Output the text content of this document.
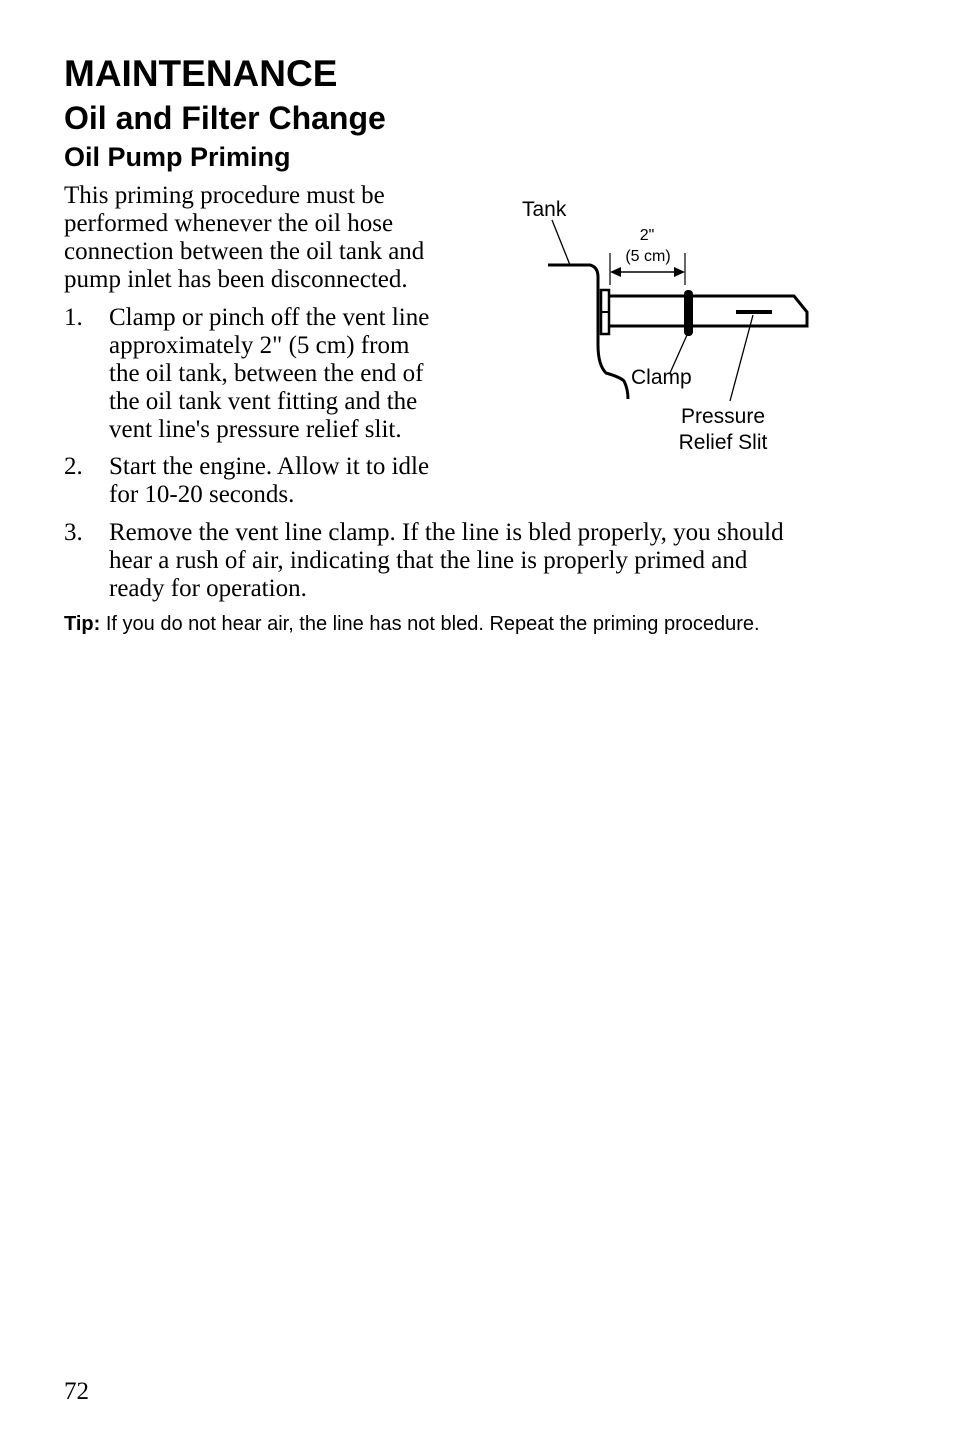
MAINTENANCE
Oil and Filter Change
Oil Pump Priming
This priming procedure must be
performed whenever the oil hose
connection between the oil tank and
pump inlet has been disconnected.
1. Clamp or pinch off the vent line
approximately 2" (5 cm) from
the oil tank, between the end of
the oil tank vent fitting and the
vent line's pressure relief slit.
2. Start the engine. Allow it to idle
for 10-20 seconds.
3. Remove the vent line clamp. If the line is bled properly, you should
hear a rush of air, indicating that the line is properly primed and
ready for operation.
Tip: If you do not hear air, the line has not bled. Repeat the priming procedure.
Tank
2"
(5 cm)
Clamp
Pressure
Relief Slit
72
